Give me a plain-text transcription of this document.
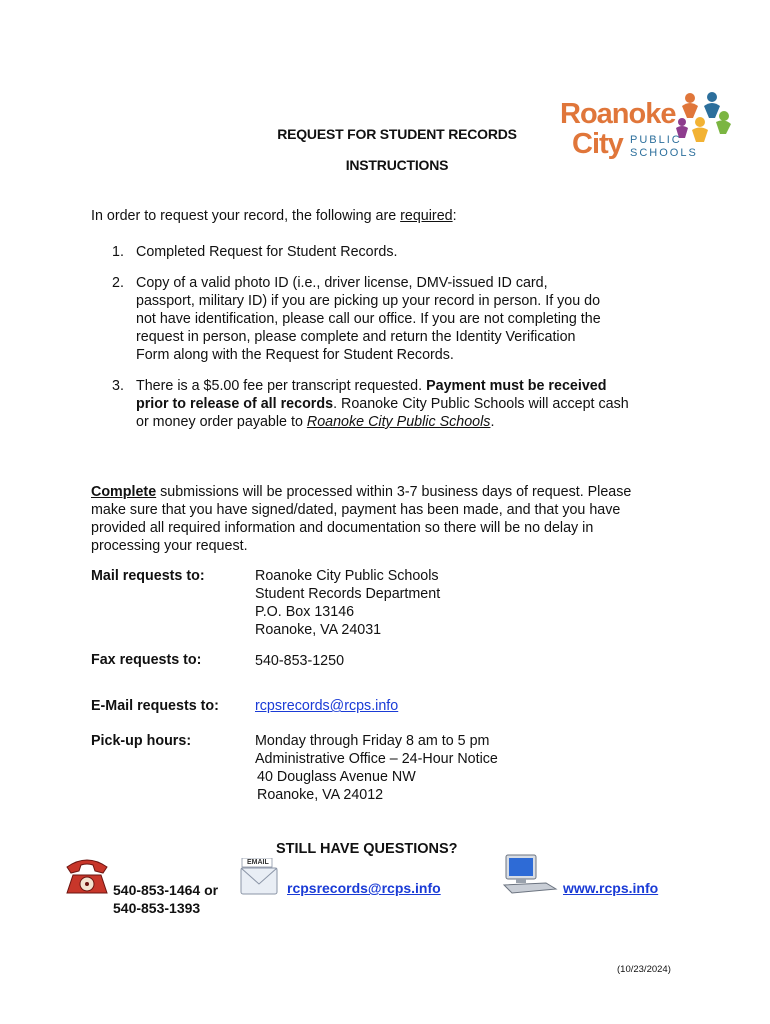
Roanoke
City PUBLIC
SCHOOLS
REQUEST FOR STUDENT RECORDS
INSTRUCTIONS
In order to request your record, the following are required:
1. Completed Request for Student Records.
2. Copy of a valid photo ID (i.e., driver license, DMV-issued ID card,
passport, military ID) if you are picking up your record in person. If you do
not have identification, please call our office. If you are not completing the
request in person, please complete and return the Identity Verification
Form along with the Request for Student Records.
3. There is a $5.00 fee per transcript requested. Payment must be received
prior to release of all records. Roanoke City Public Schools will accept cash
or money order payable to Roanoke City Public Schools.
Complete submissions will be processed within 3-7 business days of request. Please
make sure that you have signed/dated, payment has been made, and that you have
provided all required information and documentation so there will be no delay in
processing your request.
Mail requests to:	Roanoke City Public Schools
Student Records Department
P.O. Box 13146
Roanoke, VA 24031
Fax requests to:	540-853-1250
E-Mail requests to:	rcpsrecords@rcps.info
Pick-up hours:	Monday through Friday 8 am to 5 pm
Administrative Office – 24-Hour Notice
40 Douglass Avenue NW
Roanoke, VA 24012
STILL HAVE QUESTIONS?
540-853-1464 or
540-853-1393
EMAIL
rcpsrecords@rcps.info	www.rcps.info
(10/23/2024)
